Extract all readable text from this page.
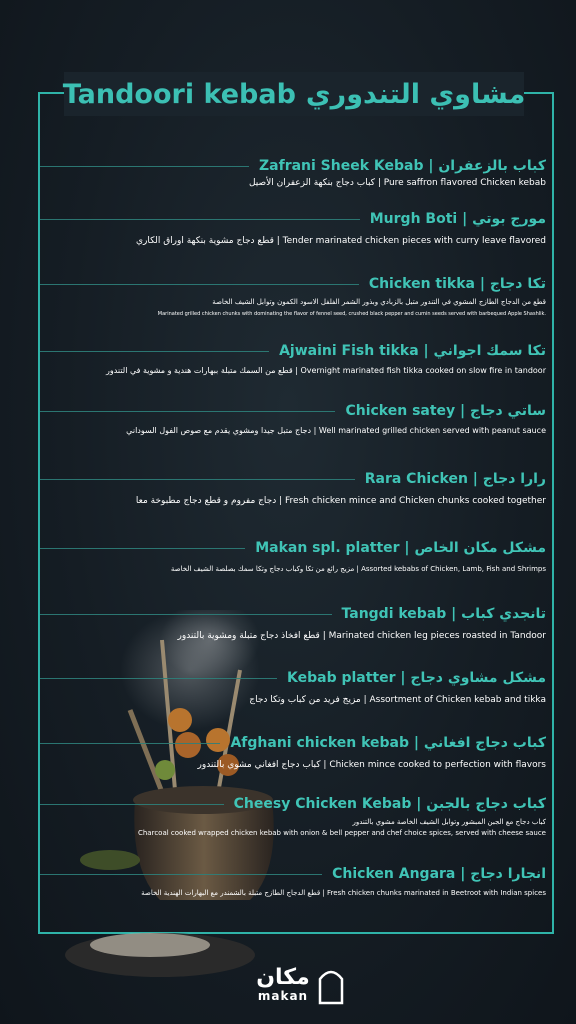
Tandoori kebab مشاوي التندوري
Zafrani Sheek Kebab | كباب بالزعفران
كباب دجاج بنكهة الزعفران الأصيل | Pure saffron flavored Chicken kebab
Murgh Boti | مورج بوتي
قطع دجاج مشوية بنكهة اوراق الكاري | Tender marinated chicken pieces with curry leave flavored
Chicken tikka | تكا دجاج
قطع من الدجاج الطازج المشوي في التندور متبل بالزبادي وبذور الشمر الفلفل الاسود الكمون وتوابل الشيف الخاصة
Marinated grilled chicken chunks with dominating the flavor of fennel seed, crushed black pepper and cumin seeds served with barbequed Apple Shashlik.
Ajwaini Fish tikka | تكا سمك اجواني
قطع من السمك متبلة ببهارات هندية و مشوية في التندور | Overnight marinated fish tikka cooked on slow fire in tandoor
Chicken satey | ساتي دجاج
دجاج متبل جيدا ومشوي يقدم مع صوص الفول السوداني | Well marinated grilled chicken served with peanut sauce
Rara Chicken | رارا دجاج
دجاج مفروم و قطع دجاج مطبوخة معا | Fresh chicken mince and Chicken chunks cooked together
Makan spl. platter | مشكل مكان الخاص
مزيج رائع من تكا وكباب دجاج وتكا سمك بصلصة الشيف الخاصة | Assorted kebabs of Chicken, Lamb, Fish and Shrimps
Tangdi kebab | تانجدي كباب
قطع افخاذ دجاج متبلة ومشوية بالتندور | Marinated chicken leg pieces roasted in Tandoor
Kebab platter | مشكل مشاوي دجاج
مزيج فريد من كباب وتكا دجاج | Assortment of Chicken kebab and tikka
Afghani chicken kebab | كباب دجاج افغاني
كباب دجاج افغاني مشوي بالتندور | Chicken mince cooked to perfection with flavors
Cheesy Chicken Kebab | كباب دجاج بالجبن
كباب دجاج مع الجبن المبشور وتوابل الشيف الخاصة مشوي بالتندور
Charcoal cooked wrapped chicken kebab with onion & bell pepper and chef choice spices, served with cheese sauce
Chicken Angara | انجارا دجاج
قطع الدجاج الطازج متبلة بالشمندر مع البهارات الهندية الخاصة | Fresh chicken chunks marinated in Beetroot with Indian spices
مكان
makan
